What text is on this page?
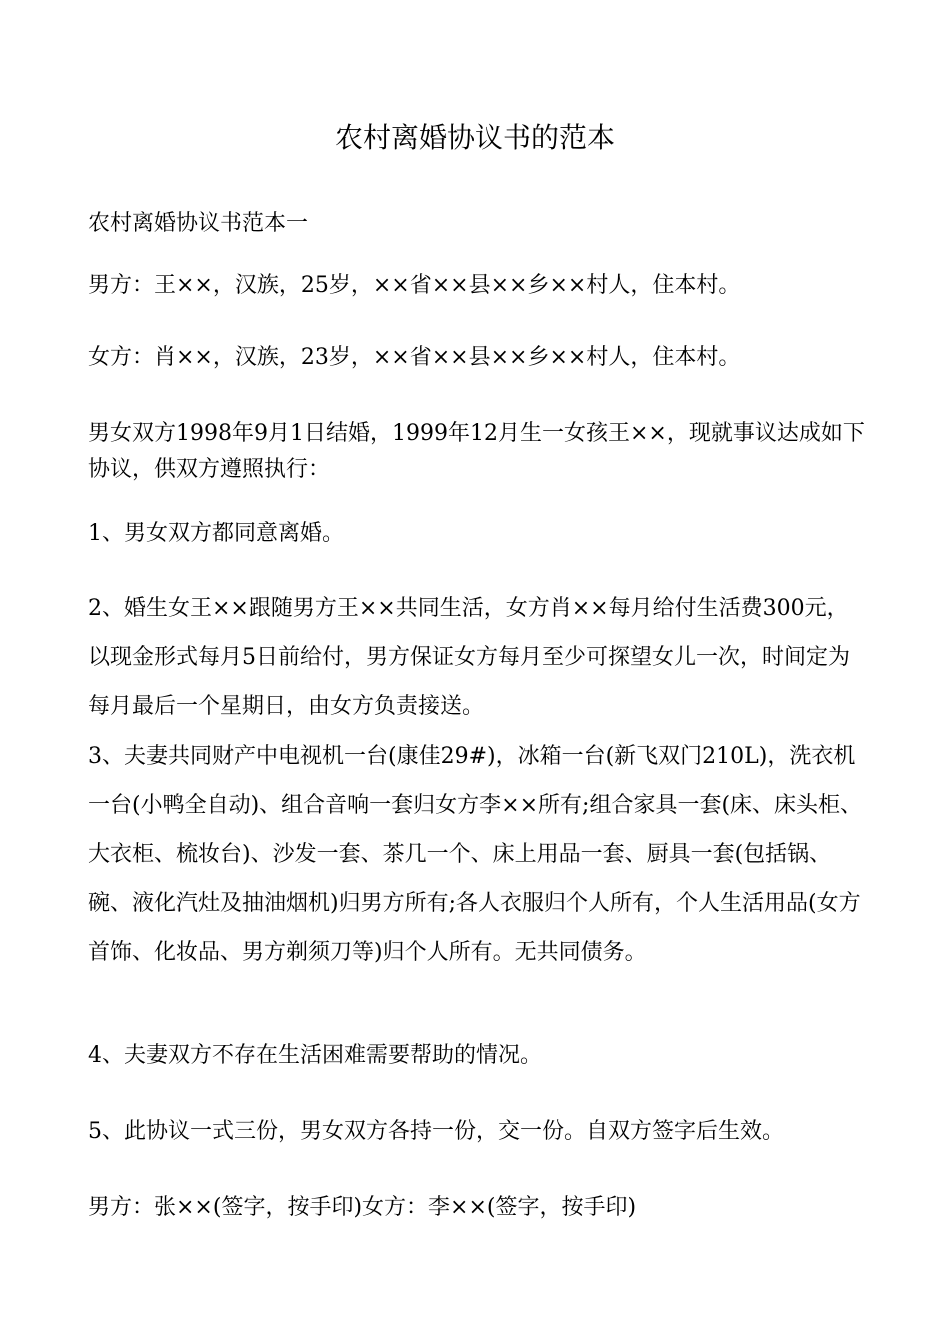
农村离婚协议书的范本

农村离婚协议书范本一

男方：王××，汉族，25岁，××省××县××乡××村人，住本村。

女方：肖××，汉族，23岁，××省××县××乡××村人，住本村。

男女双方1998年9月1日结婚，1999年12月生一女孩王××，现就事议达成如下协议，供双方遵照执行：

1、男女双方都同意离婚。

2、婚生女王××跟随男方王××共同生活，女方肖××每月给付生活费300元，以现金形式每月5日前给付，男方保证女方每月至少可探望女儿一次，时间定为每月最后一个星期日，由女方负责接送。

3、夫妻共同财产中电视机一台(康佳29#)，冰箱一台(新飞双门210L)，洗衣机一台(小鸭全自动)、组合音响一套归女方李××所有;组合家具一套(床、床头柜、大衣柜、梳妆台)、沙发一套、茶几一个、床上用品一套、厨具一套(包括锅、碗、液化汽灶及抽油烟机)归男方所有;各人衣服归个人所有，个人生活用品(女方首饰、化妆品、男方剃须刀等)归个人所有。无共同债务。

4、夫妻双方不存在生活困难需要帮助的情况。

5、此协议一式三份，男女双方各持一份，交一份。自双方签字后生效。

男方：张××(签字，按手印)女方：李××(签字，按手印)
